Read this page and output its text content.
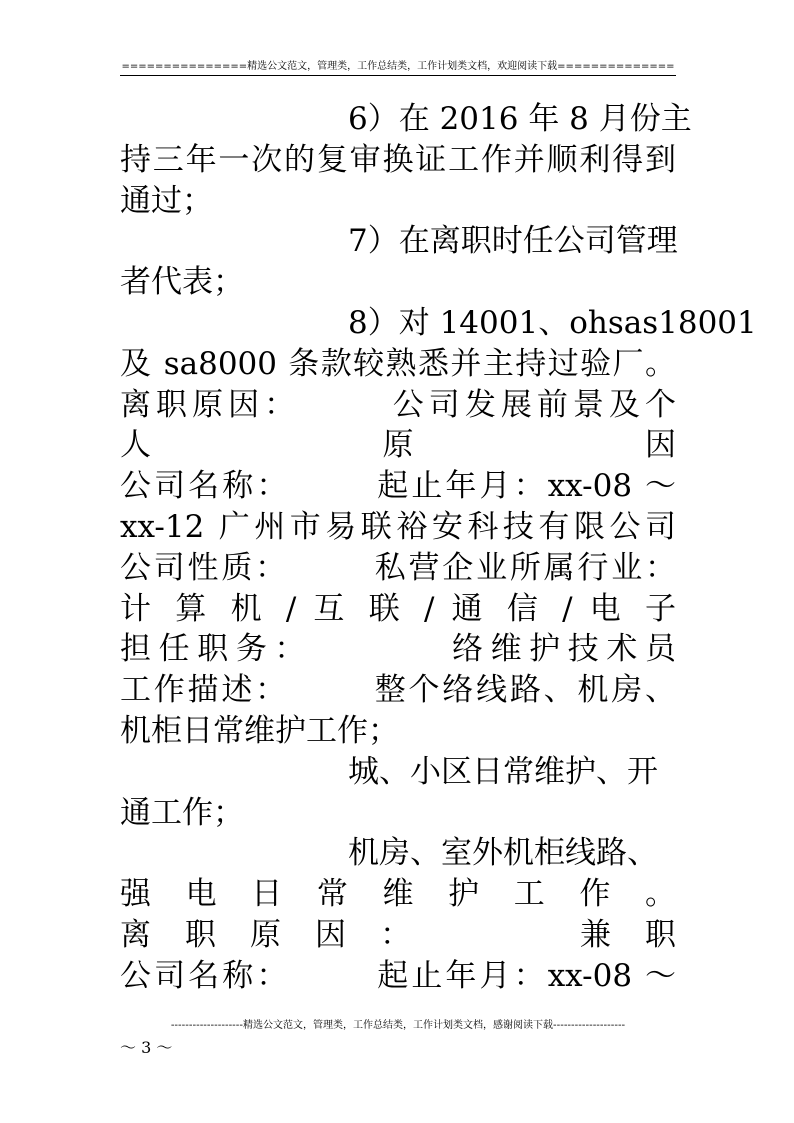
===============精选公文范文，管理类，工作总结类，工作计划类文档，欢迎阅读下载==============
6）在 2016 年 8 月份主
持三年一次的复审换证工作并顺利得到
通过；
7）在离职时任公司管理
者代表；
8）对 14001、ohsas18001
及 sa8000 条款较熟悉并主持过验厂。
离职原因：　　　公司发展前景及个
人　　　　　原　　　　　因
公司名称：　　　起止年月：xx-08 ～
xx-12 广州市易联裕安科技有限公司
公司性质：　　　私营企业所属行业：
计 算 机 / 互 联 / 通 信 / 电 子
担任职务：　　　　络维护技术员
工作描述：　　　整个络线路、机房、
机柜日常维护工作；
城、小区日常维护、开
通工作；
机房、室外机柜线路、
强 电 日 常 维 护 工 作 。
离 职 原 因 ：　　　　兼 职
公司名称：　　　起止年月：xx-08 ～
--------------------精选公文范文，管理类，工作总结类，工作计划类文档，感谢阅读下载--------------------
～ 3 ～
